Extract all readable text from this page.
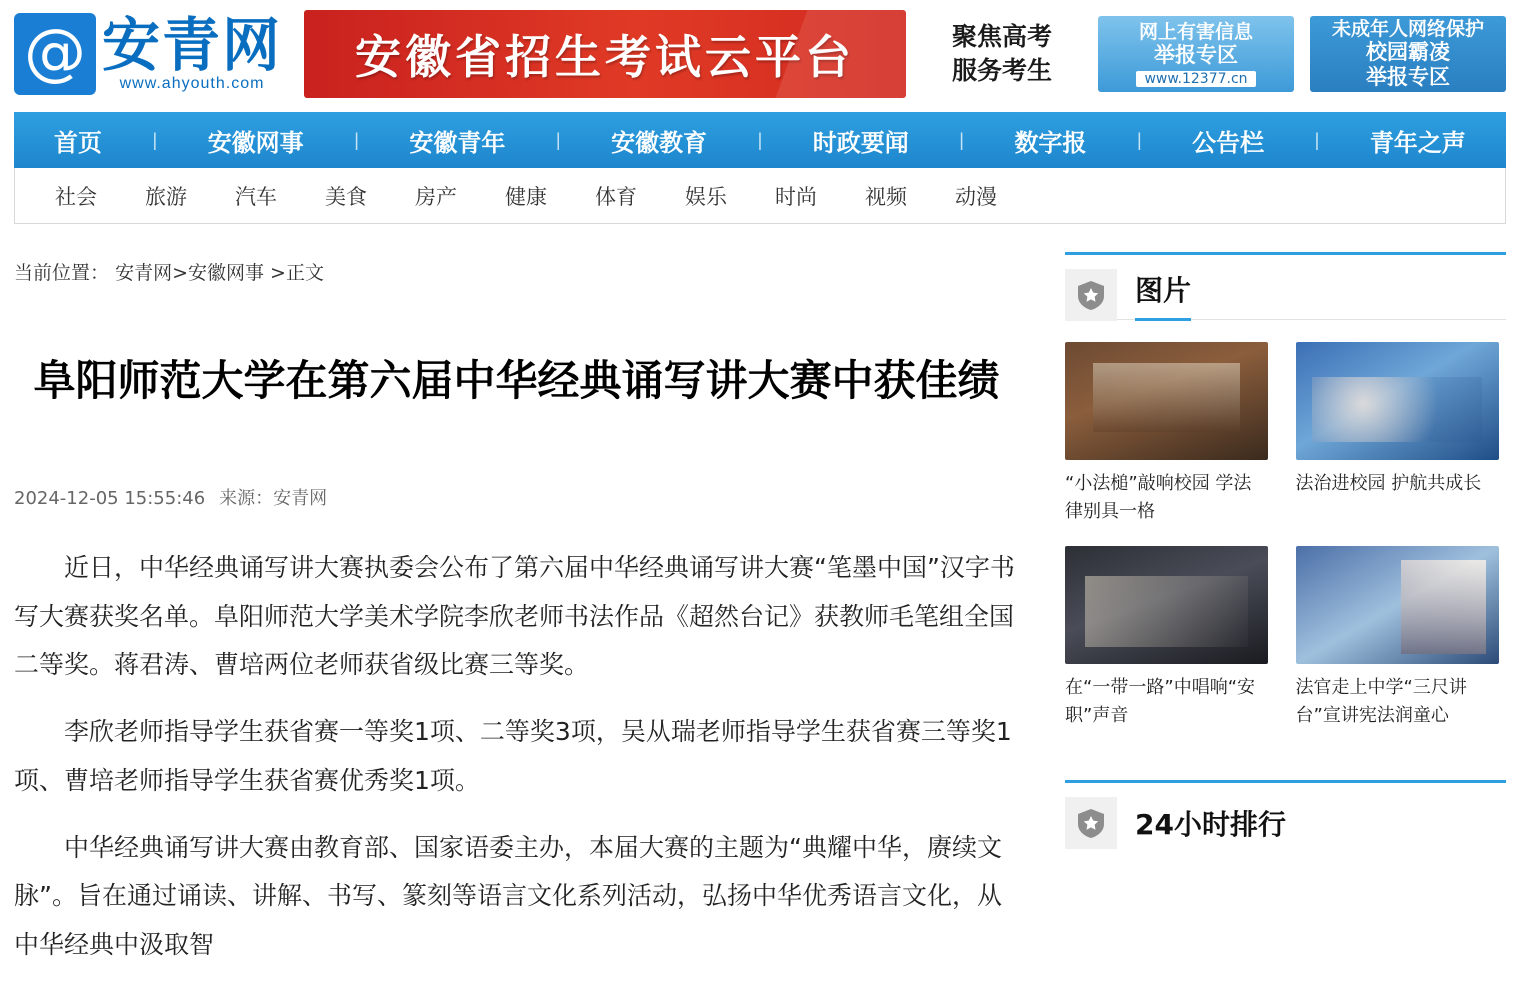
@ 安青网
www.ahyouth.com	安徽省招生考试云平台	聚焦高考
服务考生
网上有害信息
举报专区
www.12377.cn
未成年人网络保护
校园霸凌
举报专区
首页	| 安徽网事	| 安徽青年	| 安徽教育	| 时政要闻	| 数字报	| 公告栏	| 青年之声
社会 旅游 汽车 美食 房产 健康 体育 娱乐 时尚 视频 动漫
当前位置： 安青网>安徽网事 >正文
阜阳师范大学在第六届中华经典诵写讲大赛中获佳绩
2024-12-05 15:55:46 来源：安青网

近日，中华经典诵写讲大赛执委会公布了第六届中华经典诵写讲大赛“笔墨中国”汉字书写大赛获奖名单。阜阳师范大学美术学院李欣老师书法作品《超然台记》获教师毛笔组全国二等奖。蒋君涛、曹培两位老师获省级比赛三等奖。

李欣老师指导学生获省赛一等奖1项、二等奖3项，吴从瑞老师指导学生获省赛三等奖1项、曹培老师指导学生获省赛优秀奖1项。

中华经典诵写讲大赛由教育部、国家语委主办，本届大赛的主题为“典耀中华，赓续文脉”。旨在通过诵读、讲解、书写、篆刻等语言文化系列活动，弘扬中华优秀语言文化，从中华经典中汲取智

图片
“小法槌”敲响校园 学法律别具一格
法治进校园 护航共成长
在“一带一路”中唱响“安职”声音
法官走上中学“三尺讲台”宣讲宪法润童心
24小时排行
